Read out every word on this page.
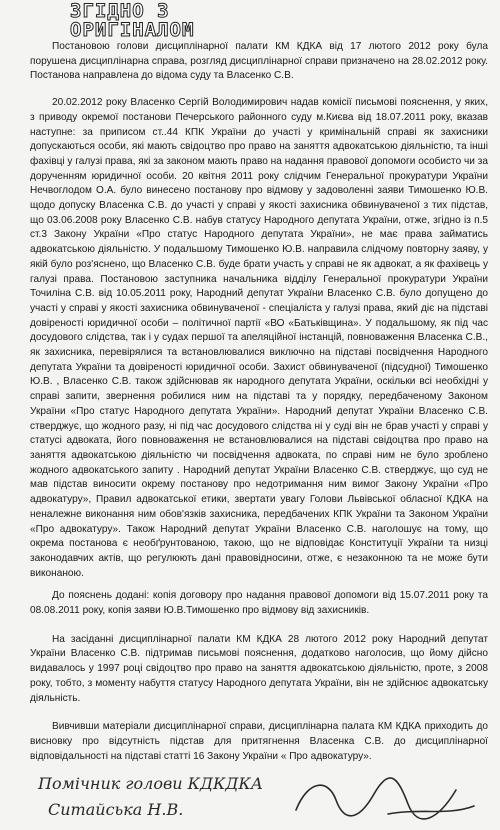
ЗГІДНО З
ОРИГІНАЛОМ

Постановою голови дисциплінарної палати КМ КДКА від 17 лютого 2012 року була порушена дисциплінарна справа, розгляд дисциплінарної справи призначено на 28.02.2012 року. Постанова направлена до відома суду та Власенко С.В.

20.02.2012 року Власенко Сергій Володимирович надав комісії письмові пояснення, у яких, з приводу окремої постанови Печерського районного суду м.Києва від 18.07.2011 року, вказав наступне: за приписом ст..44 КПК України до участі у кримінальній справі як захисники допускаються особи, які мають свідоцтво про право на заняття адвокатською діяльністю, та інші фахівці у галузі права, які за законом мають право на надання правової допомоги особисто чи за дорученням юридичної особи. 20 квітня 2011 року слідчим Генеральної прокуратури України Нечвоглодом О.А. було винесено постанову про відмову у задоволенні заяви Тимошенко Ю.В. щодо допуску Власенка С.В. до участі у справі у якості захисника обвинуваченої з тих підстав, що 03.06.2008 року Власенко С.В. набув статусу Народного депутата України, отже, згідно із п.5 ст.3 Закону України «Про статус Народного депутата України», не має права займатись адвокатською діяльністю. У подальшому Тимошенко Ю.В. направила слідчому повторну заяву, у якій було роз'яснено, що Власенко С.В. буде брати участь у справі не як адвокат, а як фахівець у галузі права. Постановою заступника начальника відділу Генеральної прокуратури України Точиліна С.В. від 10.05.2011 року, Народний депутат України Власенко С.В. було допущено до участі у справі у якості захисника обвинуваченої - спеціаліста у галузі права, який діє на підставі довіреності юридичної особи – політичної партії «ВО «Батьківщина». У подальшому, як під час досудового слідства, так і у судах першої та апеляційної інстанцій, повноваження Власенка С.В., як захисника, перевірялися та встановлювалися виключно на підставі посвідчення Народного депутата України та довіреності юридичної особи. Захист обвинуваченої (підсудної) Тимошенко Ю.В. , Власенко С.В. також здійснював як народного депутата України, оскільки всі необхідні у справі запити, звернення робилися ним на підставі та у порядку, передбаченому Законом України «Про статус Народного депутата України». Народний депутат України Власенко С.В. стверджує, що жодного разу, ні під час досудового слідства ні у суді він не брав участі у справі у статусі адвоката, його повноваження не встановлювалися на підставі свідоцтва про право на заняття адвокатською діяльністю чи посвідчення адвоката, по справі ним не було зроблено жодного адвокатського запиту . Народний депутат України Власенко С.В. стверджує, що суд не мав підстав виносити окрему постанову про недотримання ним вимог Закону України «Про адвокатуру», Правил адвокатської етики, звертати увагу Голови Львівської обласної КДКА на неналежне виконання ним обов'язків захисника, передбачених КПК України та Законом України «Про адвокатуру». Також Народний депутат України Власенко С.В. наголошує на тому, що окрема постанова є необґрунтованою, такою, що не відповідає Конституції України та низці законодавчих актів, що регулюють дані правовідносини, отже, є незаконною та не може бути виконаною.

До пояснень додані: копія договору про надання правової допомоги від 15.07.2011 року та 08.08.2011 року, копія заяви Ю.В.Тимошенко про відмову від захисників.

На засіданні дисциплінарної палати КМ КДКА 28 лютого 2012 року Народний депутат України Власенко С.В. підтримав письмові пояснення, додатково наголосив, що йому дійсно видавалось у 1997 році свідоцтво про право на заняття адвокатською діяльністю, проте, з 2008 року, тобто, з моменту набуття статусу Народного депутата України, він не здійснює адвокатську діяльність.

Вивчивши матеріали дисциплінарної справи, дисциплінарна палата КМ КДКА приходить до висновку про відсутність підстав для притягнення Власенка С.В. до дисциплінарної відповідальності на підставі статті 16 Закону України « Про адвокатуру».

Помічник голови КДКДКА
Ситайська Н.В.
